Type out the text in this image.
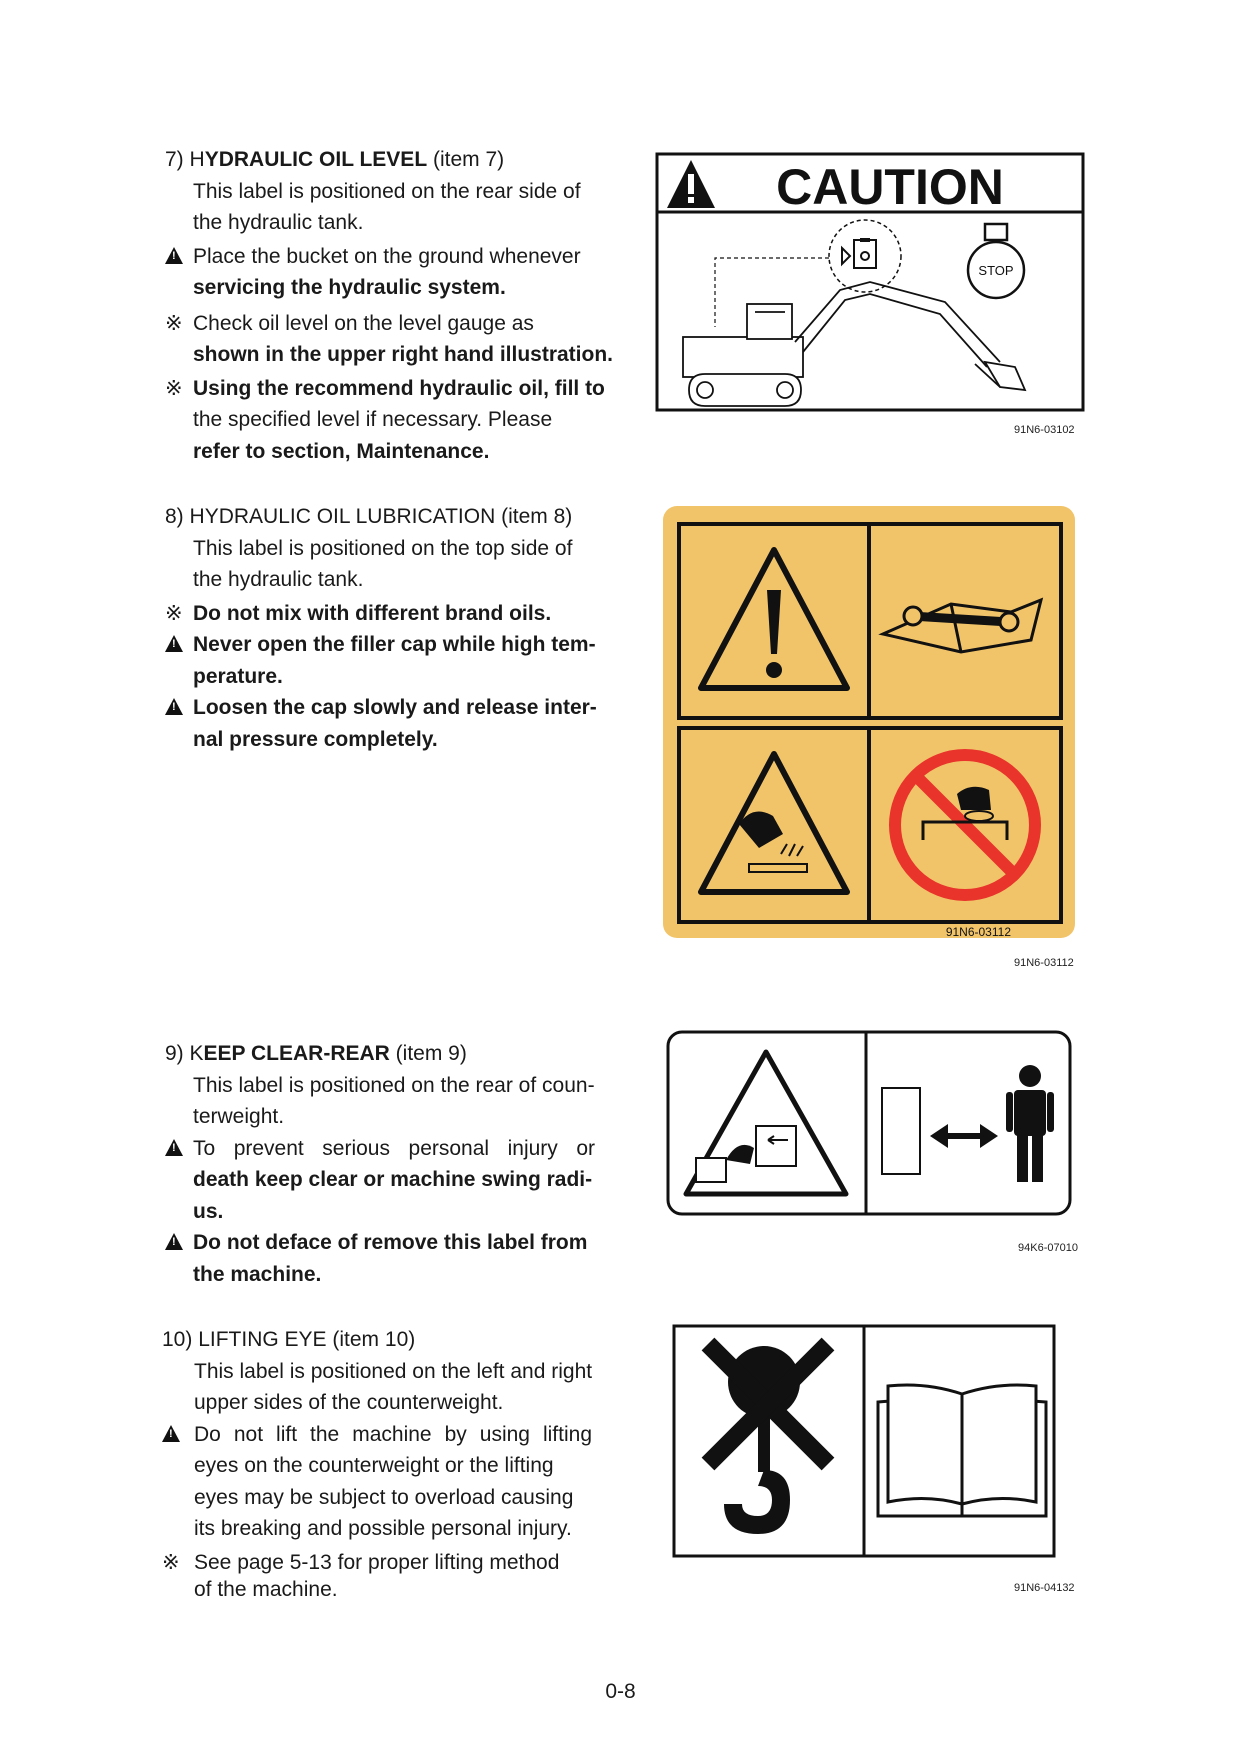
7) HYDRAULIC OIL LEVEL (item 7)
This label is positioned on the rear side of
the hydraulic tank.
!
Place the bucket on the ground whenever
servicing the hydraulic system.
※ Check oil level on the level gauge as
shown in the upper right hand illustration.
※ Using the recommend hydraulic oil, fill to
the specified level if necessary. Please
refer to section, Maintenance.
CAUTION
STOP
91N6-03102
8) HYDRAULIC OIL LUBRICATION (item 8)
This label is positioned on the top side of
the hydraulic tank.
※ Do not mix with different brand oils.
!
Never open the filler cap while high tem-
perature.
!
Loosen the cap slowly and release inter-
nal pressure completely.
91N6-03112
91N6-03112
9) KEEP CLEAR-REAR (item 9)
This label is positioned on the rear of coun-
terweight.
!
To prevent serious personal injury or
death keep clear or machine swing radi-
us.
!
Do not deface of remove this label from
the machine.
94K6-07010
10) LIFTING EYE (item 10)
This label is positioned on the left and right
upper sides of the counterweight.
!
Do not lift the machine by using lifting
eyes on the counterweight or the lifting
eyes may be subject to overload causing
its breaking and possible personal injury.
※ See page 5-13 for proper lifting method
of the machine.	91N6-04132
0-8
